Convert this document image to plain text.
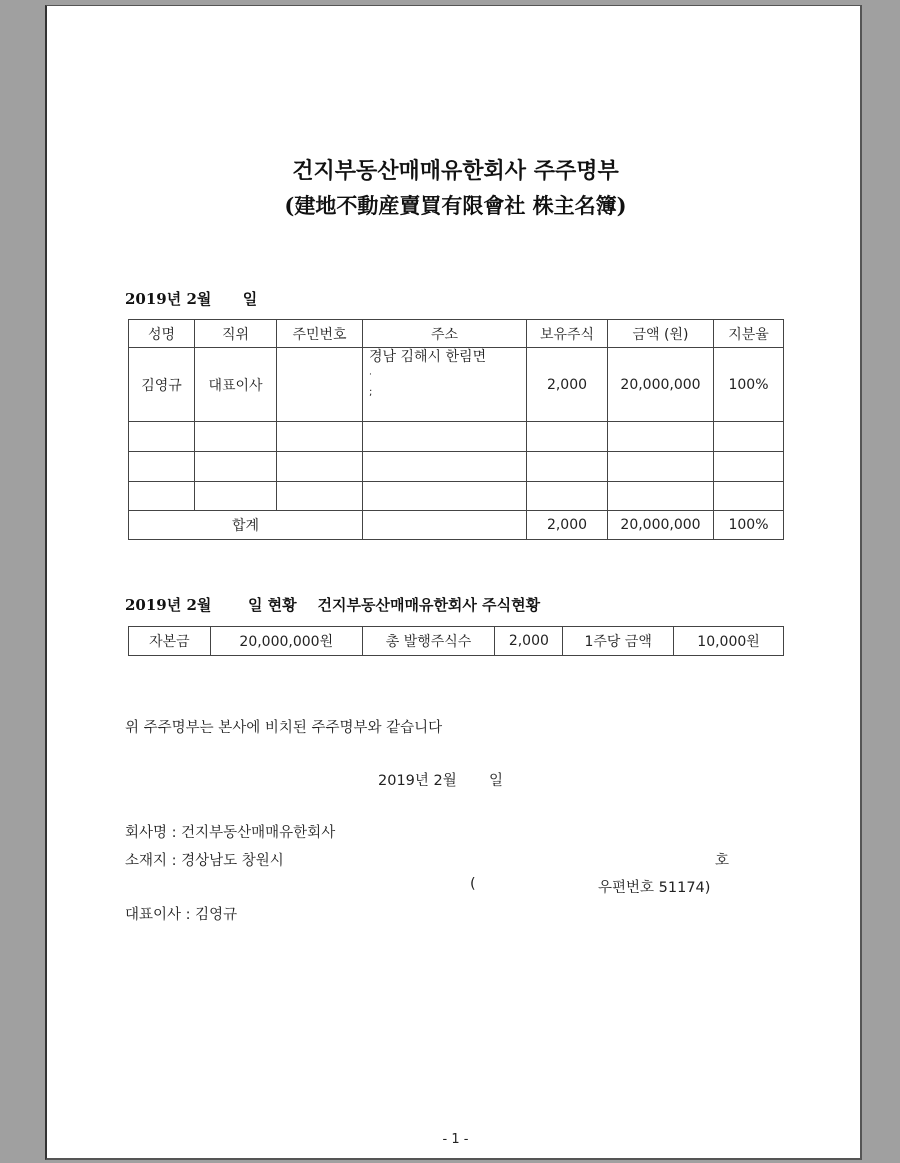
건지부동산매매유한회사 주주명부
(建地不動産賣買有限會社 株主名簿)
2019년 2월      일
성명	직위	주민번호	주소	보유주식	금액 (원)	지분율
김영규	대표이사		경남 김해시 한림면
·
;	2,000	20,000,000	100%

합계				2,000	20,000,000	100%
2019년 2월       일 현황    건지부동산매매유한회사 주식현황
자본금	20,000,000원	총 발행주식수	2,000	1주당 금액	10,000원
위 주주명부는 본사에 비치된 주주명부와 같습니다
2019년 2월       일
회사명 : 건지부동산매매유한회사
소재지 : 경상남도 창원시	호
(	우편번호 51174)
대표이사 : 김영규
- 1 -
